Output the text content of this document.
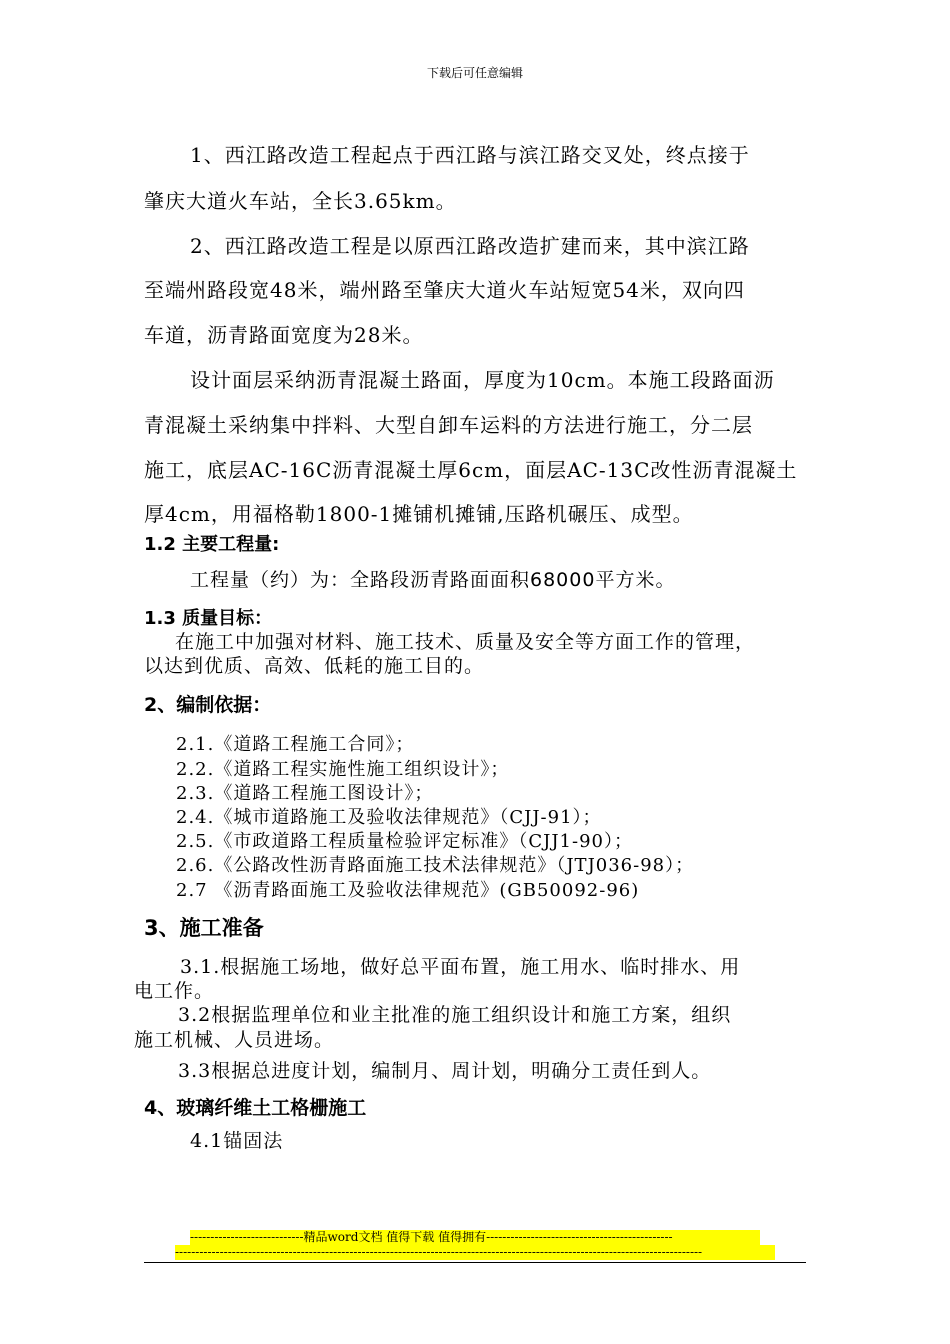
下载后可任意编辑
1、西江路改造工程起点于西江路与滨江路交叉处，终点接于
肇庆大道火车站，全长3.65km。
2、西江路改造工程是以原西江路改造扩建而来，其中滨江路
至端州路段宽48米，端州路至肇庆大道火车站短宽54米，双向四
车道，沥青路面宽度为28米。
设计面层采纳沥青混凝土路面，厚度为10cm。本施工段路面沥
青混凝土采纳集中拌料、大型自卸车运料的方法进行施工，分二层
施工，底层AC-16C沥青混凝土厚6cm，面层AC-13C改性沥青混凝土
厚4cm，用福格勒1800-1摊铺机摊铺,压路机碾压、成型。
1.2 主要工程量:
工程量（约）为：全路段沥青路面面积68000平方米。
1.3 质量目标：
在施工中加强对材料、施工技术、质量及安全等方面工作的管理，
以达到优质、高效、低耗的施工目的。
2、编制依据：
2.1.《道路工程施工合同》；
2.2.《道路工程实施性施工组织设计》；
2.3.《道路工程施工图设计》；
2.4.《城市道路施工及验收法律规范》（CJJ-91）；
2.5.《市政道路工程质量检验评定标准》（CJJ1-90）；
2.6.《公路改性沥青路面施工技术法律规范》（JTJ036-98）；
2.7 《沥青路面施工及验收法律规范》(GB50092-96)
3、施工准备
3.1.根据施工场地，做好总平面布置，施工用水、临时排水、用
电工作。
3.2根据监理单位和业主批准的施工组织设计和施工方案，组织
施工机械、人员进场。
3.3根据总进度计划，编制月、周计划，明确分工责任到人。
4、玻璃纤维土工格栅施工
4.1锚固法
----------------------------精品word文档 值得下载 值得拥有----------------------------------------------
----------------------------------------------------------------------------------------------------------------------------------
